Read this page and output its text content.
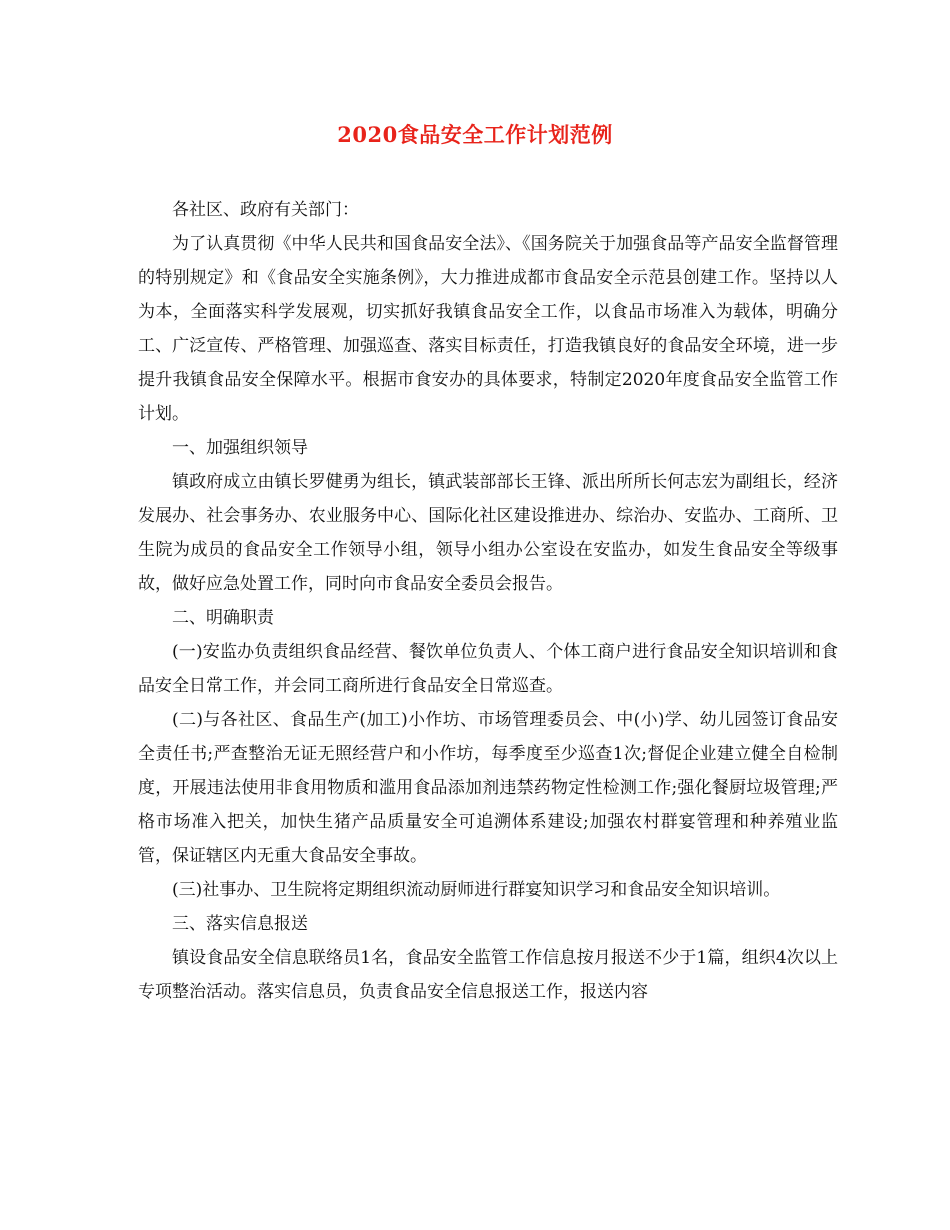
2020食品安全工作计划范例

各社区、政府有关部门：

为了认真贯彻《中华人民共和国食品安全法》、《国务院关于加强食品等产品安全监督管理的特别规定》和《食品安全实施条例》，大力推进成都市食品安全示范县创建工作。坚持以人为本，全面落实科学发展观，切实抓好我镇食品安全工作，以食品市场准入为载体，明确分工、广泛宣传、严格管理、加强巡查、落实目标责任，打造我镇良好的食品安全环境，进一步提升我镇食品安全保障水平。根据市食安办的具体要求，特制定2020年度食品安全监管工作计划。

一、加强组织领导

镇政府成立由镇长罗健勇为组长，镇武装部部长王锋、派出所所长何志宏为副组长，经济发展办、社会事务办、农业服务中心、国际化社区建设推进办、综治办、安监办、工商所、卫生院为成员的食品安全工作领导小组，领导小组办公室设在安监办，如发生食品安全等级事故，做好应急处置工作，同时向市食品安全委员会报告。

二、明确职责

(一)安监办负责组织食品经营、餐饮单位负责人、个体工商户进行食品安全知识培训和食品安全日常工作，并会同工商所进行食品安全日常巡查。

(二)与各社区、食品生产(加工)小作坊、市场管理委员会、中(小)学、幼儿园签订食品安全责任书;严查整治无证无照经营户和小作坊，每季度至少巡查1次;督促企业建立健全自检制度，开展违法使用非食用物质和滥用食品添加剂违禁药物定性检测工作;强化餐厨垃圾管理;严格市场准入把关，加快生猪产品质量安全可追溯体系建设;加强农村群宴管理和种养殖业监管，保证辖区内无重大食品安全事故。

(三)社事办、卫生院将定期组织流动厨师进行群宴知识学习和食品安全知识培训。

三、落实信息报送

镇设食品安全信息联络员1名，食品安全监管工作信息按月报送不少于1篇，组织4次以上专项整治活动。落实信息员，负责食品安全信息报送工作，报送内容
